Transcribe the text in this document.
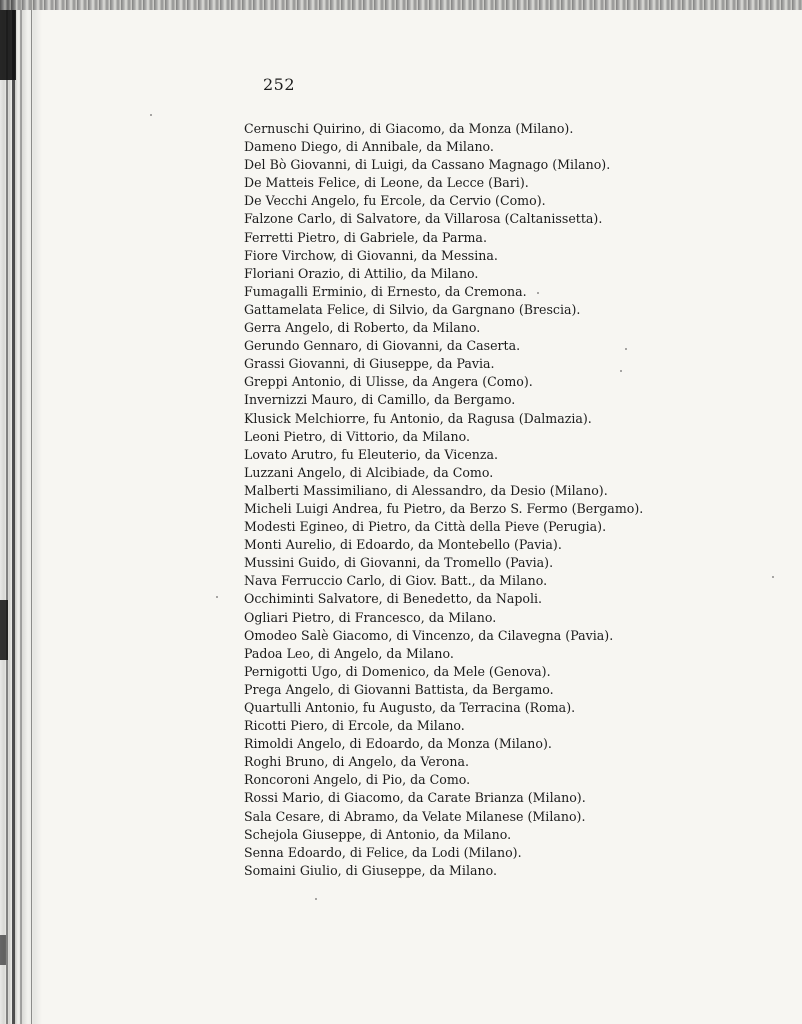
252
Cernuschi Quirino, di Giacomo, da Monza (Milano).
Dameno Diego, di Annibale, da Milano.
Del Bò Giovanni, di Luigi, da Cassano Magnago (Milano).
De Matteis Felice, di Leone, da Lecce (Bari).
De Vecchi Angelo, fu Ercole, da Cervio (Como).
Falzone Carlo, di Salvatore, da Villarosa (Caltanissetta).
Ferretti Pietro, di Gabriele, da Parma.
Fiore Virchow, di Giovanni, da Messina.
Floriani Orazio, di Attilio, da Milano.
Fumagalli Erminio, di Ernesto, da Cremona.
Gattamelata Felice, di Silvio, da Gargnano (Brescia).
Gerra Angelo, di Roberto, da Milano.
Gerundo Gennaro, di Giovanni, da Caserta.
Grassi Giovanni, di Giuseppe, da Pavia.
Greppi Antonio, di Ulisse, da Angera (Como).
Invernizzi Mauro, di Camillo, da Bergamo.
Klusick Melchiorre, fu Antonio, da Ragusa (Dalmazia).
Leoni Pietro, di Vittorio, da Milano.
Lovato Arutro, fu Eleuterio, da Vicenza.
Luzzani Angelo, di Alcibiade, da Como.
Malberti Massimiliano, di Alessandro, da Desio (Milano).
Micheli Luigi Andrea, fu Pietro, da Berzo S. Fermo (Bergamo).
Modesti Egineo, di Pietro, da Città della Pieve (Perugia).
Monti Aurelio, di Edoardo, da Montebello (Pavia).
Mussini Guido, di Giovanni, da Tromello (Pavia).
Nava Ferruccio Carlo, di Giov. Batt., da Milano.
Occhiminti Salvatore, di Benedetto, da Napoli.
Ogliari Pietro, di Francesco, da Milano.
Omodeo Salè Giacomo, di Vincenzo, da Cilavegna (Pavia).
Padoa Leo, di Angelo, da Milano.
Pernigotti Ugo, di Domenico, da Mele (Genova).
Prega Angelo, di Giovanni Battista, da Bergamo.
Quartulli Antonio, fu Augusto, da Terracina (Roma).
Ricotti Piero, di Ercole, da Milano.
Rimoldi Angelo, di Edoardo, da Monza (Milano).
Roghi Bruno, di Angelo, da Verona.
Roncoroni Angelo, di Pio, da Como.
Rossi Mario, di Giacomo, da Carate Brianza (Milano).
Sala Cesare, di Abramo, da Velate Milanese (Milano).
Schejola Giuseppe, di Antonio, da Milano.
Senna Edoardo, di Felice, da Lodi (Milano).
Somaini Giulio, di Giuseppe, da Milano.
